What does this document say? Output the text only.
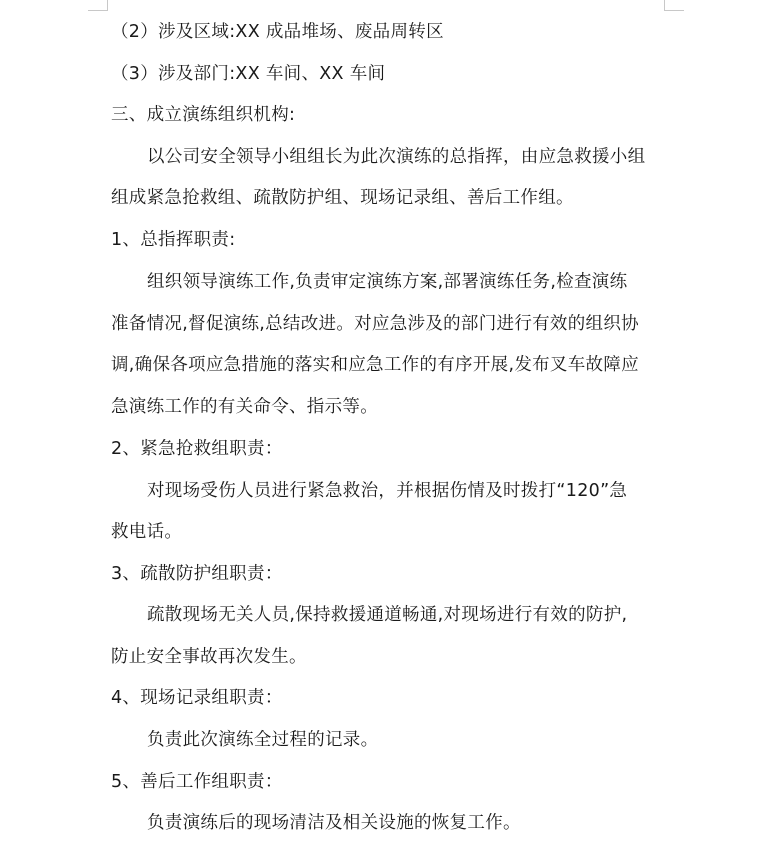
（2）涉及区域:XX 成品堆场、废品周转区
（3）涉及部门:XX 车间、XX 车间
三、成立演练组织机构:
以公司安全领导小组组长为此次演练的总指挥，由应急救援小组
组成紧急抢救组、疏散防护组、现场记录组、善后工作组。
1、总指挥职责:
组织领导演练工作,负责审定演练方案,部署演练任务,检查演练
准备情况,督促演练,总结改进。对应急涉及的部门进行有效的组织协
调,确保各项应急措施的落实和应急工作的有序开展,发布叉车故障应
急演练工作的有关命令、指示等。
2、紧急抢救组职责：
对现场受伤人员进行紧急救治，并根据伤情及时拨打“120”急
救电话。
3、疏散防护组职责：
疏散现场无关人员,保持救援通道畅通,对现场进行有效的防护,
防止安全事故再次发生。
4、现场记录组职责：
负责此次演练全过程的记录。
5、善后工作组职责：
负责演练后的现场清洁及相关设施的恢复工作。
